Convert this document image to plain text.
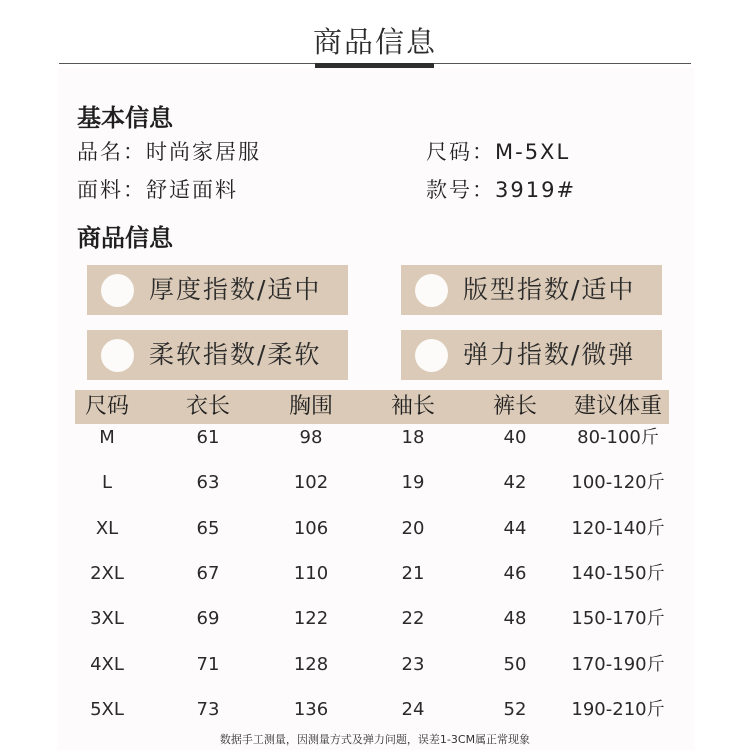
商品信息
基本信息
品名：时尚家居服
面料：舒适面料
尺码：M-5XL
款号：3919#
商品信息
厚度指数/适中	版型指数/适中
柔软指数/柔软	弹力指数/微弹
尺码	衣长	胸围	袖长	裤长 建议体重
M	61	98	18	40	80-100斤
L	63	102	19	42 100-120斤
XL	65	106	20	44 120-140斤
2XL	67	110	21	46 140-150斤
3XL	69	122	22	48 150-170斤
4XL	71	128	23	50 170-190斤
5XL	73	136	24	52 190-210斤
数据手工测量，因测量方式及弹力问题，误差1-3CM属正常现象
